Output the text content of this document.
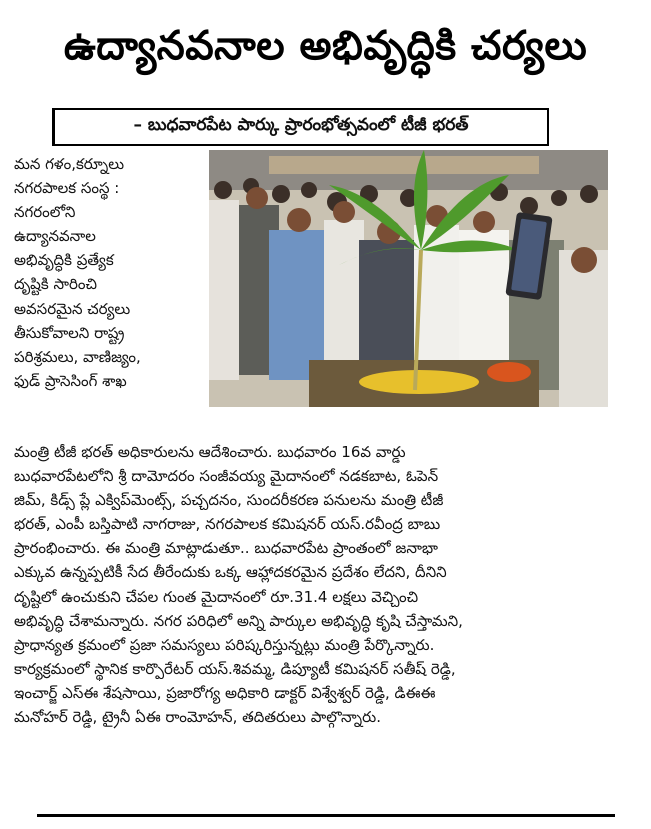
ఉద్యానవనాల అభివృద్ధికి చర్యలు
– బుధవారపేట పార్కు ప్రారంభోత్సవంలో టీజీ భరత్
మన గళం,కర్నూలు
నగరపాలక సంస్థ :
నగరంలోని
ఉద్యానవనాల
అభివృద్ధికి ప్రత్యేక
దృష్టికి సారించి
అవసరమైన చర్యలు
తీసుకోవాలని రాష్ట్ర
పరిశ్రమలు, వాణిజ్యం,
ఫుడ్ ప్రాసెసింగ్ శాఖ
మంత్రి టీజీ భరత్ అధికారులను ఆదేశించారు. బుధవారం 16వ వార్డు
బుధవారపేటలోని శ్రీ దామోదరం సంజీవయ్య మైదానంలో నడకబాట, ఓపెన్
జిమ్, కిడ్స్ ప్లే ఎక్విప్‌మెంట్స్, పచ్చదనం, సుందరీకరణ పనులను మంత్రి టీజీ
భరత్, ఎంపీ బస్తిపాటి నాగరాజు, నగరపాలక కమిషనర్ యస్.రవీంద్ర బాబు
ప్రారంభించారు. ఈ మంత్రి మాట్లాడుతూ.. బుధవారపేట ప్రాంతంలో జనాభా
ఎక్కువ ఉన్నప్పటికీ సేద తీరేందుకు ఒక్క ఆహ్లాదకరమైన ప్రదేశం లేదని, దీనిని
దృష్టిలో ఉంచుకుని చేపల గుంత మైదానంలో రూ.31.4 లక్షలు వెచ్చించి
అభివృద్ధి చేశామన్నారు. నగర పరిధిలో అన్ని పార్కుల అభివృద్ధి కృషి చేస్తామని,
ప్రాధాన్యత క్రమంలో ప్రజా సమస్యలు పరిష్కరిస్తున్నట్లు మంత్రి పేర్కొన్నారు.
కార్యక్రమంలో స్థానిక కార్పొరేటర్ యస్.శివమ్మ, డిప్యూటీ కమిషనర్ సతీష్ రెడ్డి,
ఇంచార్జ్ ఎస్ఈ శేషసాయి, ప్రజారోగ్య అధికారి డాక్టర్ విశ్వేశ్వర్ రెడ్డి, డిఈఈ
మనోహర్ రెడ్డి, ట్రైనీ ఏఈ రాంమోహన్, తదితరులు పాల్గొన్నారు.
